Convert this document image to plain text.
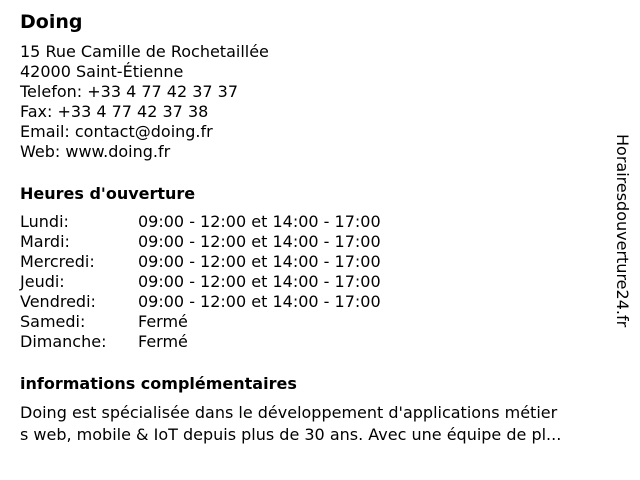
Doing
15 Rue Camille de Rochetaillée
42000 Saint-Étienne
Telefon: +33 4 77 42 37 37
Fax: +33 4 77 42 37 38
Email: contact@doing.fr
Web: www.doing.fr
Heures d'ouverture
Lundi:	09:00 - 12:00 et 14:00 - 17:00
Mardi:	09:00 - 12:00 et 14:00 - 17:00
Mercredi:	09:00 - 12:00 et 14:00 - 17:00
Jeudi:	09:00 - 12:00 et 14:00 - 17:00
Vendredi:	09:00 - 12:00 et 14:00 - 17:00
Samedi:	Fermé
Dimanche:	Fermé
informations complémentaires
Doing est spécialisée dans le développement d'applications métier
s web, mobile & IoT depuis plus de 30 ans. Avec une équipe de pl...
Horairesdouverture24.fr
